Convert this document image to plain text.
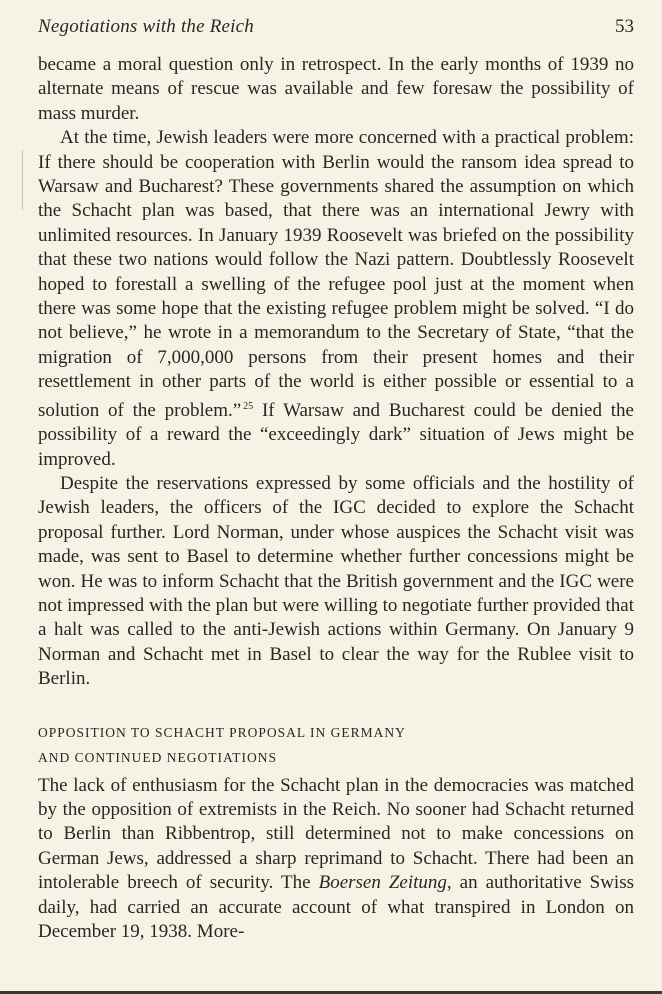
Negotiations with the Reich	53

became a moral question only in retrospect. In the early months of 1939 no alternate means of rescue was available and few foresaw the possibility of mass murder.

At the time, Jewish leaders were more concerned with a practical problem: If there should be cooperation with Berlin would the ransom idea spread to Warsaw and Bucharest? These governments shared the assumption on which the Schacht plan was based, that there was an international Jewry with unlimited resources. In January 1939 Roosevelt was briefed on the possibility that these two nations would follow the Nazi pattern. Doubtlessly Roosevelt hoped to forestall a swelling of the refugee pool just at the moment when there was some hope that the existing refugee problem might be solved. “I do not believe,” he wrote in a memorandum to the Secretary of State, “that the migration of 7,000,000 persons from their present homes and their resettlement in other parts of the world is either possible or essential to a solution of the problem.” $^{25}$ If Warsaw and Bucharest could be denied the possibility of a reward the “exceedingly dark” situation of Jews might be improved.

Despite the reservations expressed by some officials and the hostility of Jewish leaders, the officers of the IGC decided to explore the Schacht proposal further. Lord Norman, under whose auspices the Schacht visit was made, was sent to Basel to determine whether further concessions might be won. He was to inform Schacht that the British government and the IGC were not impressed with the plan but were willing to negotiate further provided that a halt was called to the anti-Jewish actions within Germany. On January 9 Norman and Schacht met in Basel to clear the way for the Rublee visit to Berlin.

OPPOSITION TO SCHACHT PROPOSAL IN GERMANY
AND CONTINUED NEGOTIATIONS

The lack of enthusiasm for the Schacht plan in the democracies was matched by the opposition of extremists in the Reich. No sooner had Schacht returned to Berlin than Ribbentrop, still determined not to make concessions on German Jews, addressed a sharp reprimand to Schacht. There had been an intolerable breech of security. The Boersen Zeitung, an authoritative Swiss daily, had carried an accurate account of what transpired in London on December 19, 1938. More-
